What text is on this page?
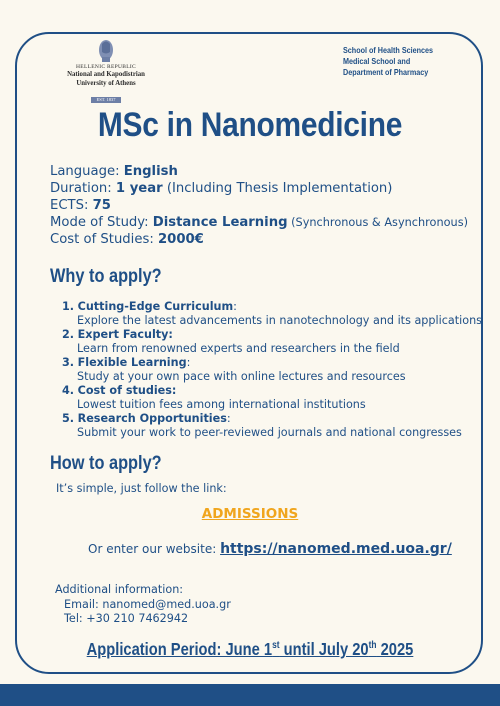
HELLENIC REPUBLIC
National and Kapodistrian
University of Athens
EST. 1837
School of Health Sciences
Medical School and
Department of Pharmacy
MSc in Nanomedicine
Language: English
Duration: 1 year (Including Thesis Implementation)
ECTS: 75
Mode of Study: Distance Learning (Synchronous & Asynchronous)
Cost of Studies: 2000€
Why to apply?
1. Cutting-Edge Curriculum:
Explore the latest advancements in nanotechnology and its applications
2. Expert Faculty:
Learn from renowned experts and researchers in the field
3. Flexible Learning:
Study at your own pace with online lectures and resources
4. Cost of studies:
Lowest tuition fees among international institutions
5. Research Opportunities:
Submit your work to peer-reviewed journals and national congresses
How to apply?
It’s simple, just follow the link:
ADMISSIONS
Or enter our website: https://nanomed.med.uoa.gr/
Additional information:
Email: nanomed@med.uoa.gr
Tel: +30 210 7462942
Application Period: June 1st until July 20th 2025
